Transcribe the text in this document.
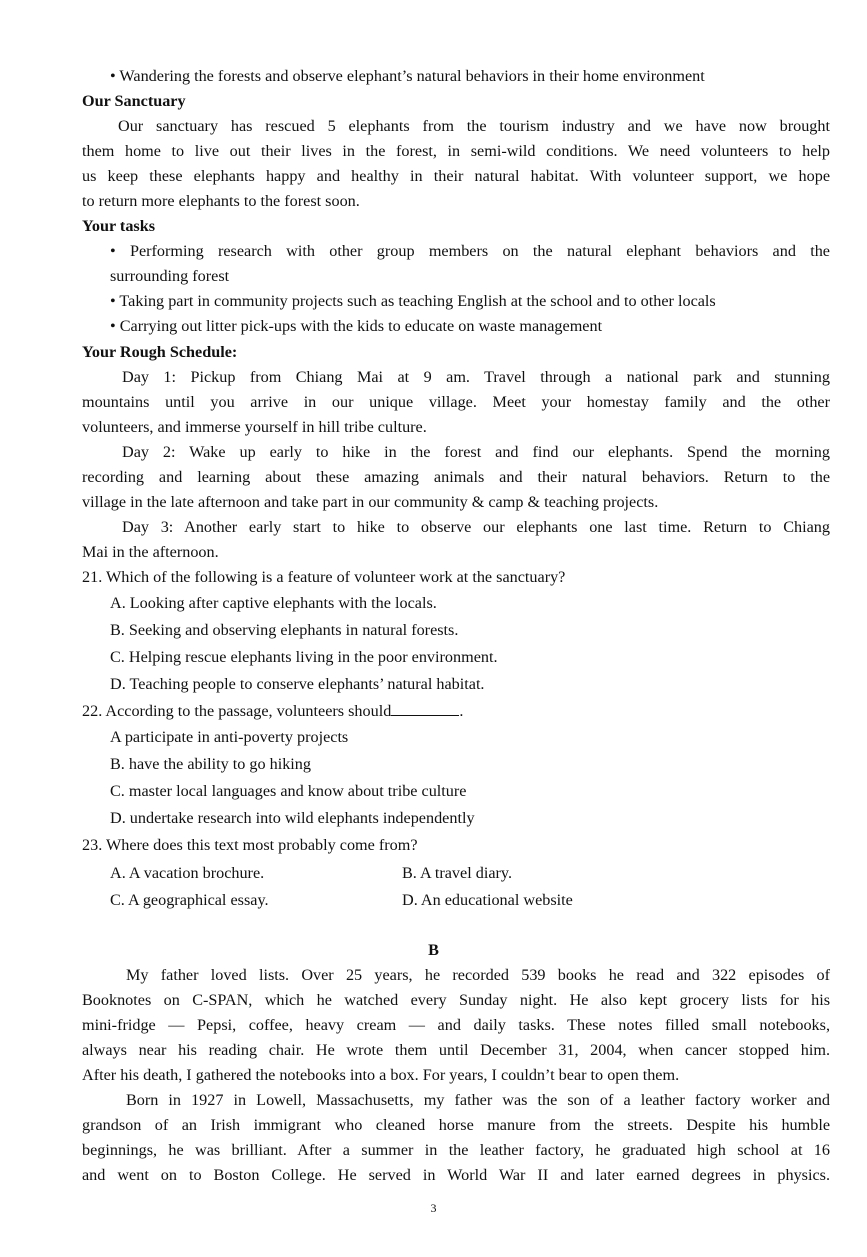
• Wandering the forests and observe elephant’s natural behaviors in their home environment
Our Sanctuary
Our sanctuary has rescued 5 elephants from the tourism industry and we have now brought
them home to live out their lives in the forest, in semi-wild conditions. We need volunteers to help
us keep these elephants happy and healthy in their natural habitat. With volunteer support, we hope
to return more elephants to the forest soon.
Your tasks
• Performing research with other group members on the natural elephant behaviors and the
surrounding forest
• Taking part in community projects such as teaching English at the school and to other locals
• Carrying out litter pick-ups with the kids to educate on waste management
Your Rough Schedule:
Day 1: Pickup from Chiang Mai at 9 am. Travel through a national park and stunning
mountains until you arrive in our unique village. Meet your homestay family and the other
volunteers, and immerse yourself in hill tribe culture.
Day 2: Wake up early to hike in the forest and find our elephants. Spend the morning
recording and learning about these amazing animals and their natural behaviors. Return to the
village in the late afternoon and take part in our community & camp & teaching projects.
Day 3: Another early start to hike to observe our elephants one last time. Return to Chiang
Mai in the afternoon.
21. Which of the following is a feature of volunteer work at the sanctuary?
A. Looking after captive elephants with the locals.
B. Seeking and observing elephants in natural forests.
C. Helping rescue elephants living in the poor environment.
D. Teaching people to conserve elephants’ natural habitat.
22. According to the passage, volunteers should	.
A participate in anti-poverty projects
B. have the ability to go hiking
C. master local languages and know about tribe culture
D. undertake research into wild elephants independently
23. Where does this text most probably come from?
A. A vacation brochure.	B. A travel diary.
C. A geographical essay.	D. An educational website
B
My father loved lists. Over 25 years, he recorded 539 books he read and 322 episodes of
Booknotes on C-SPAN, which he watched every Sunday night. He also kept grocery lists for his
mini-fridge — Pepsi, coffee, heavy cream — and daily tasks. These notes filled small notebooks,
always near his reading chair. He wrote them until December 31, 2004, when cancer stopped him.
After his death, I gathered the notebooks into a box. For years, I couldn’t bear to open them.
Born in 1927 in Lowell, Massachusetts, my father was the son of a leather factory worker and
grandson of an Irish immigrant who cleaned horse manure from the streets. Despite his humble
beginnings, he was brilliant. After a summer in the leather factory, he graduated high school at 16
and went on to Boston College. He served in World War II and later earned degrees in physics.
3
